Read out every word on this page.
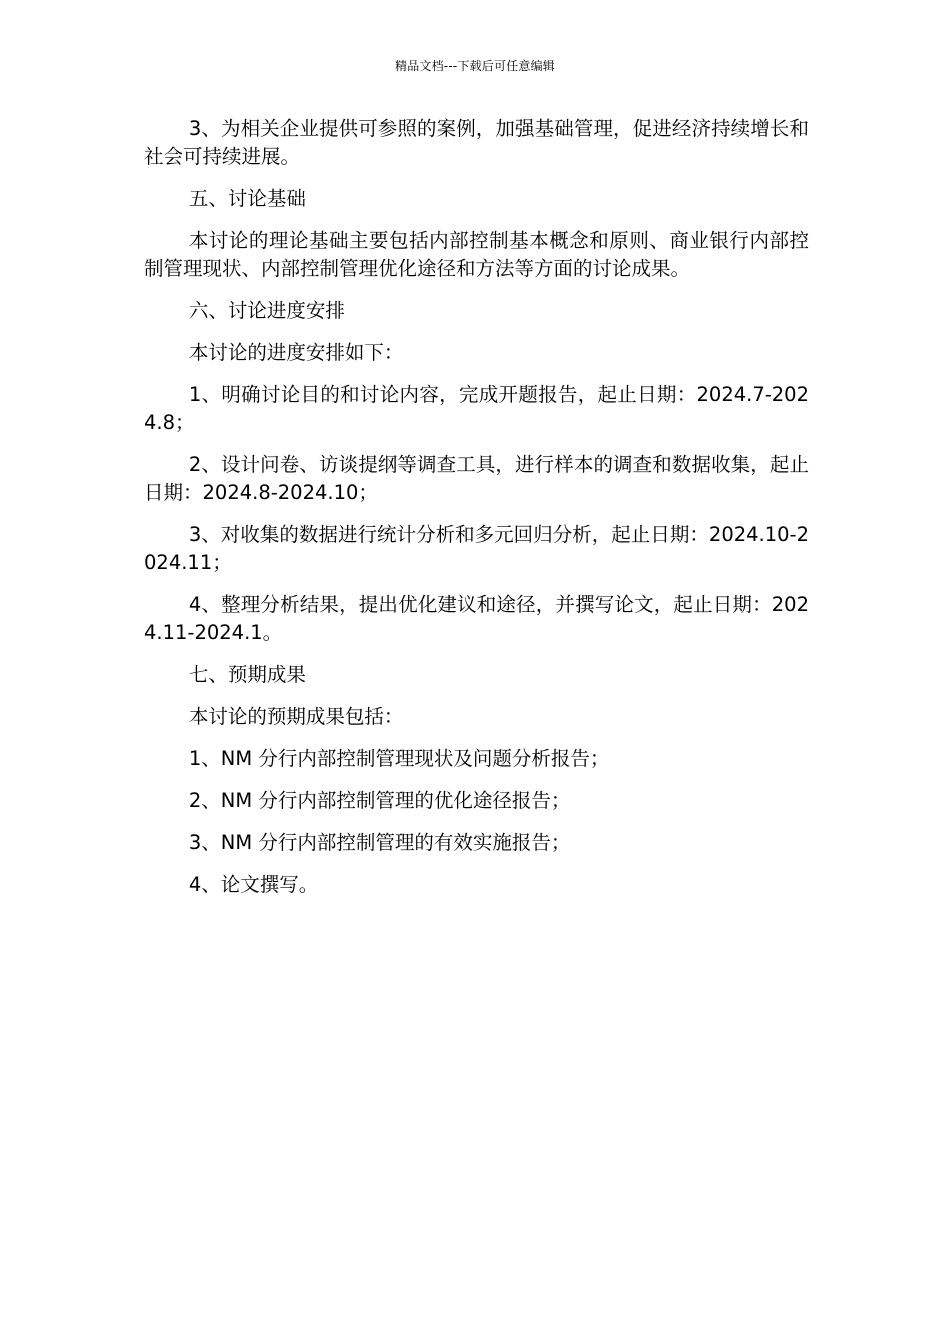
精品文档---下载后可任意编辑

3、为相关企业提供可参照的案例，加强基础管理，促进经济持续增长和社会可持续进展。

五、讨论基础

本讨论的理论基础主要包括内部控制基本概念和原则、商业银行内部控制管理现状、内部控制管理优化途径和方法等方面的讨论成果。

六、讨论进度安排

本讨论的进度安排如下：

1、明确讨论目的和讨论内容，完成开题报告，起止日期：2024.7-2024.8；

2、设计问卷、访谈提纲等调查工具，进行样本的调查和数据收集，起止日期：2024.8-2024.10；

3、对收集的数据进行统计分析和多元回归分析，起止日期：2024.10-2024.11；

4、整理分析结果，提出优化建议和途径，并撰写论文，起止日期：2024.11-2024.1。

七、预期成果

本讨论的预期成果包括：

1、NM 分行内部控制管理现状及问题分析报告；

2、NM 分行内部控制管理的优化途径报告；

3、NM 分行内部控制管理的有效实施报告；

4、论文撰写。
